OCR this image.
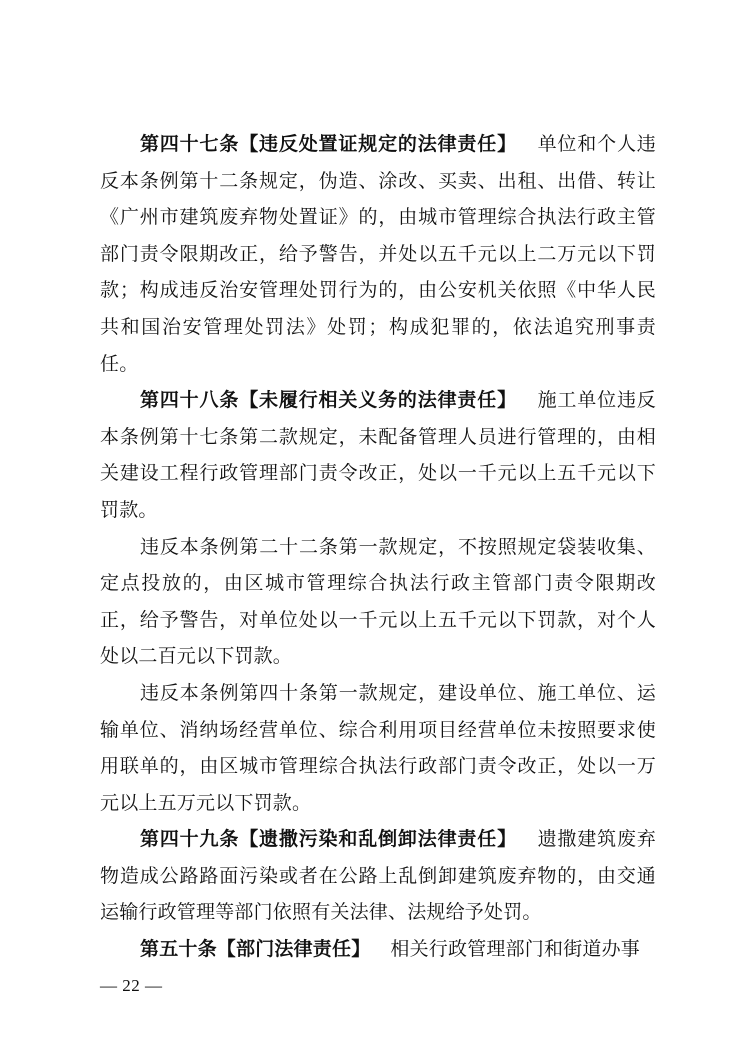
第四十七条【违反处置证规定的法律责任】 单位和个人违反本条例第十二条规定，伪造、涂改、买卖、出租、出借、转让《广州市建筑废弃物处置证》的，由城市管理综合执法行政主管部门责令限期改正，给予警告，并处以五千元以上二万元以下罚款；构成违反治安管理处罚行为的，由公安机关依照《中华人民共和国治安管理处罚法》处罚；构成犯罪的，依法追究刑事责任。

第四十八条【未履行相关义务的法律责任】 施工单位违反本条例第十七条第二款规定，未配备管理人员进行管理的，由相关建设工程行政管理部门责令改正，处以一千元以上五千元以下罚款。

违反本条例第二十二条第一款规定，不按照规定袋装收集、定点投放的，由区城市管理综合执法行政主管部门责令限期改正，给予警告，对单位处以一千元以上五千元以下罚款，对个人处以二百元以下罚款。

违反本条例第四十条第一款规定，建设单位、施工单位、运输单位、消纳场经营单位、综合利用项目经营单位未按照要求使用联单的，由区城市管理综合执法行政部门责令改正，处以一万元以上五万元以下罚款。

第四十九条【遗撒污染和乱倒卸法律责任】 遗撒建筑废弃物造成公路路面污染或者在公路上乱倒卸建筑废弃物的，由交通运输行政管理等部门依照有关法律、法规给予处罚。

第五十条【部门法律责任】 相关行政管理部门和街道办事

— 22 —
